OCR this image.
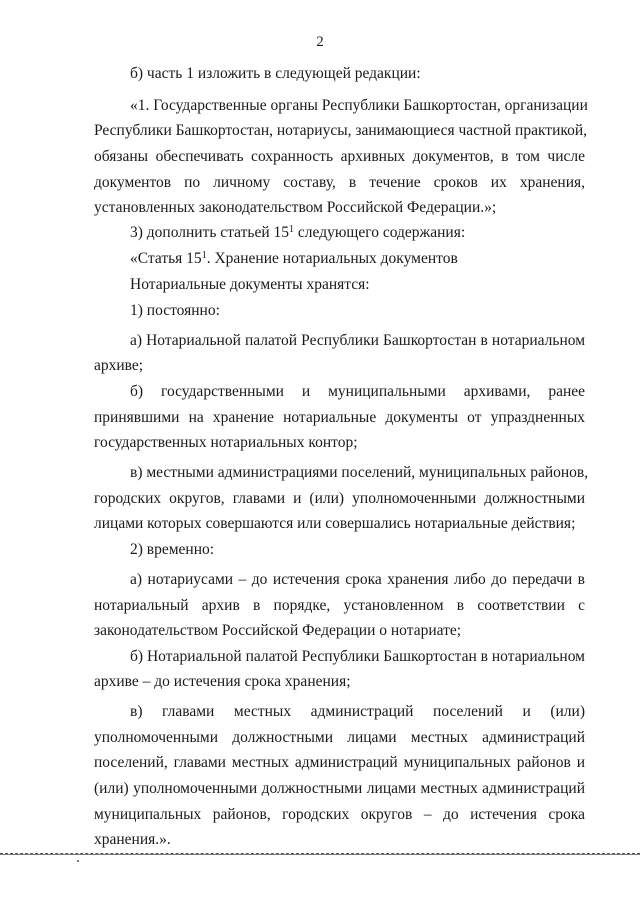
2
б) часть 1 изложить в следующей редакции:
«1. Государственные органы Республики Башкортостан, организации
Республики Башкортостан, нотариусы, занимающиеся частной практикой,
обязаны обеспечивать сохранность архивных документов, в том числе
документов по личному составу, в течение сроков их хранения,
установленных законодательством Российской Федерации.»;
3) дополнить статьей $15^1$ следующего содержания:
«Статья $15^1$. Хранение нотариальных документов
Нотариальные документы хранятся:
1) постоянно:
а) Нотариальной палатой Республики Башкортостан в нотариальном
архиве;
б) государственными и муниципальными архивами, ранее
принявшими на хранение нотариальные документы от упраздненных
государственных нотариальных контор;
в) местными администрациями поселений, муниципальных районов,
городских округов, главами и (или) уполномоченными должностными
лицами которых совершаются или совершались нотариальные действия;
2) временно:
а) нотариусами – до истечения срока хранения либо до передачи в
нотариальный архив в порядке, установленном в соответствии с
законодательством Российской Федерации о нотариате;
б) Нотариальной палатой Республики Башкортостан в нотариальном
архиве – до истечения срока хранения;
в) главами местных администраций поселений и (или)
уполномоченными должностными лицами местных администраций
поселений, главами местных администраций муниципальных районов и
(или) уполномоченными должностными лицами местных администраций
муниципальных районов, городских округов – до истечения срока
хранения.».
